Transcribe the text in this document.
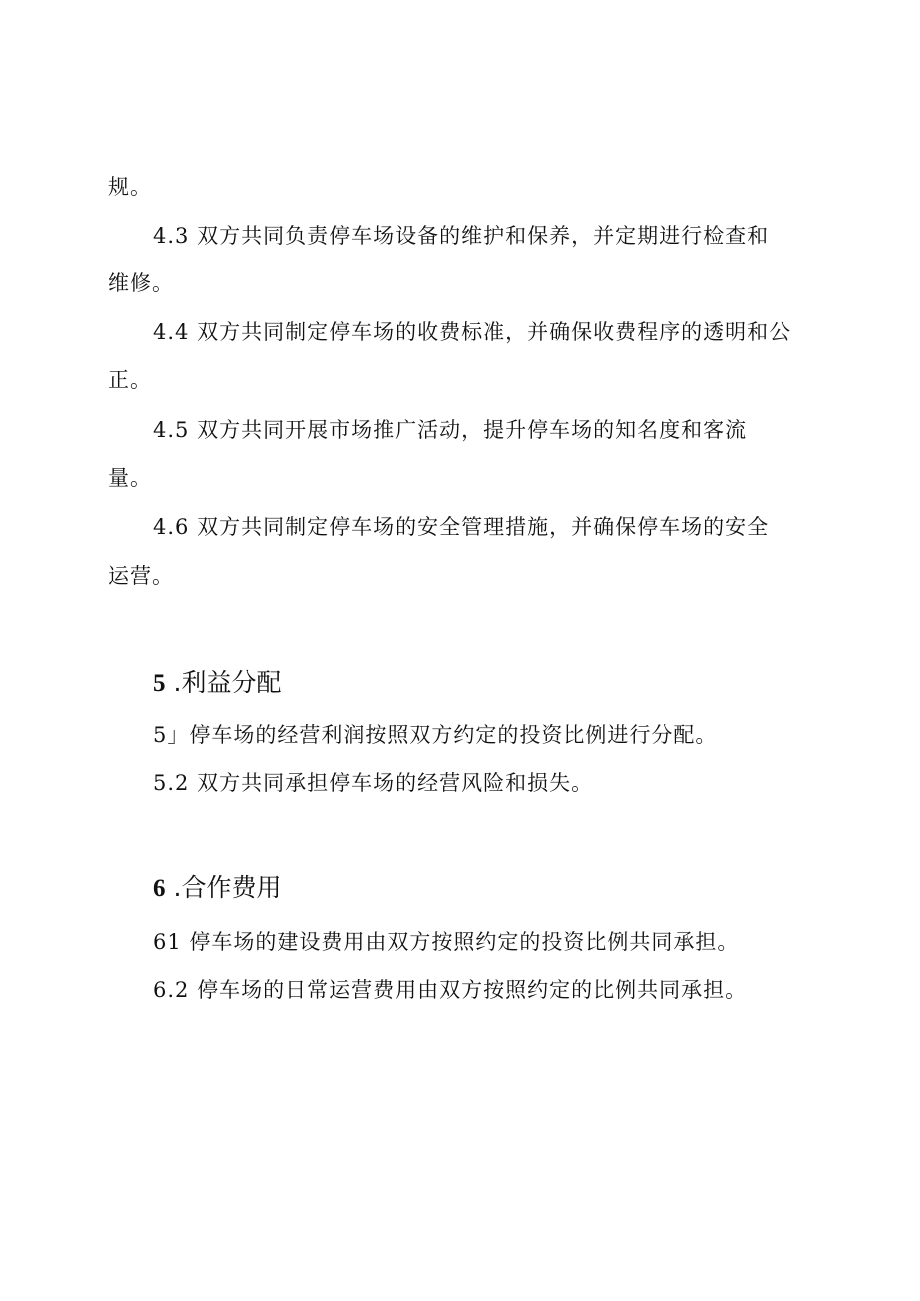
规。
4.3 双方共同负责停车场设备的维护和保养，并定期进行检查和
维修。
4.4 双方共同制定停车场的收费标准，并确保收费程序的透明和公
正。
4.5 双方共同开展市场推广活动，提升停车场的知名度和客流
量。
4.6 双方共同制定停车场的安全管理措施，并确保停车场的安全
运营。
5 .利益分配
5」停车场的经营利润按照双方约定的投资比例进行分配。
5.2 双方共同承担停车场的经营风险和损失。
6 .合作费用
61 停车场的建设费用由双方按照约定的投资比例共同承担。
6.2 停车场的日常运营费用由双方按照约定的比例共同承担。
